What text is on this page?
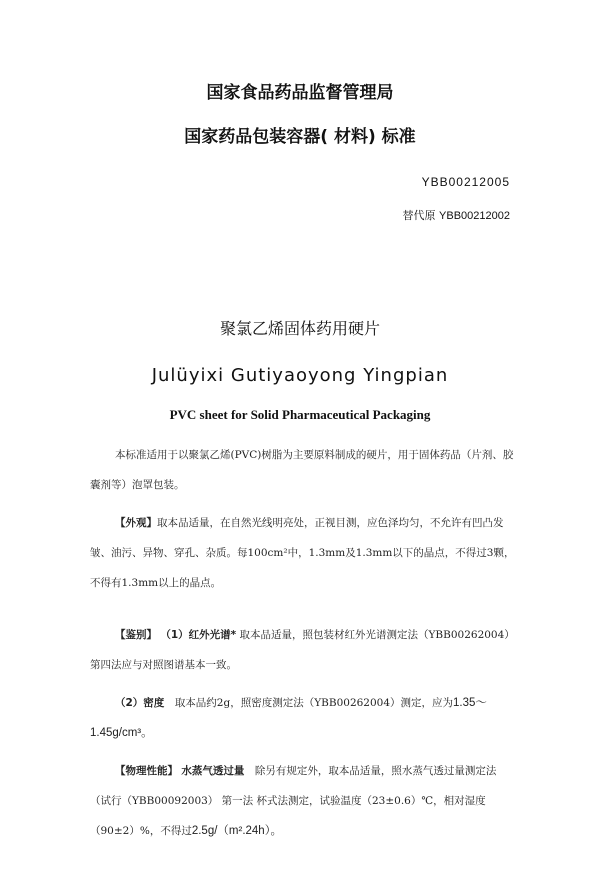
国家食品药品监督管理局
国家药品包装容器( 材料) 标准
YBB00212005
替代原 YBB00212002
聚氯乙烯固体药用硬片
Julüyixi Gutiyaoyong Yingpian
PVC sheet for Solid Pharmaceutical Packaging

本标准适用于以聚氯乙烯(PVC)树脂为主要原料制成的硬片，用于固体药品（片剂、胶囊剂等）泡罩包装。

【外观】取本品适量，在自然光线明亮处，正视目测，应色泽均匀，不允许有凹凸发皱、油污、异物、穿孔、杂质。每100cm²中，1.3mm及1.3mm以下的晶点，不得过3颗，不得有1.3mm以上的晶点。

【鉴别】 （1）红外光谱* 取本品适量，照包装材红外光谱测定法（YBB00262004）第四法应与对照图谱基本一致。

（2）密度　 取本品约2g，照密度测定法（YBB00262004）测定，应为1.35～1.45g/cm³。

【物理性能】 水蒸气透过量　 除另有规定外，取本品适量，照水蒸气透过量测定法（试行（YBB00092003） 第一法 杯式法测定，试验温度（23±0.6）℃，相对湿度（90±2）%，不得过2.5g/（m².24h）。
